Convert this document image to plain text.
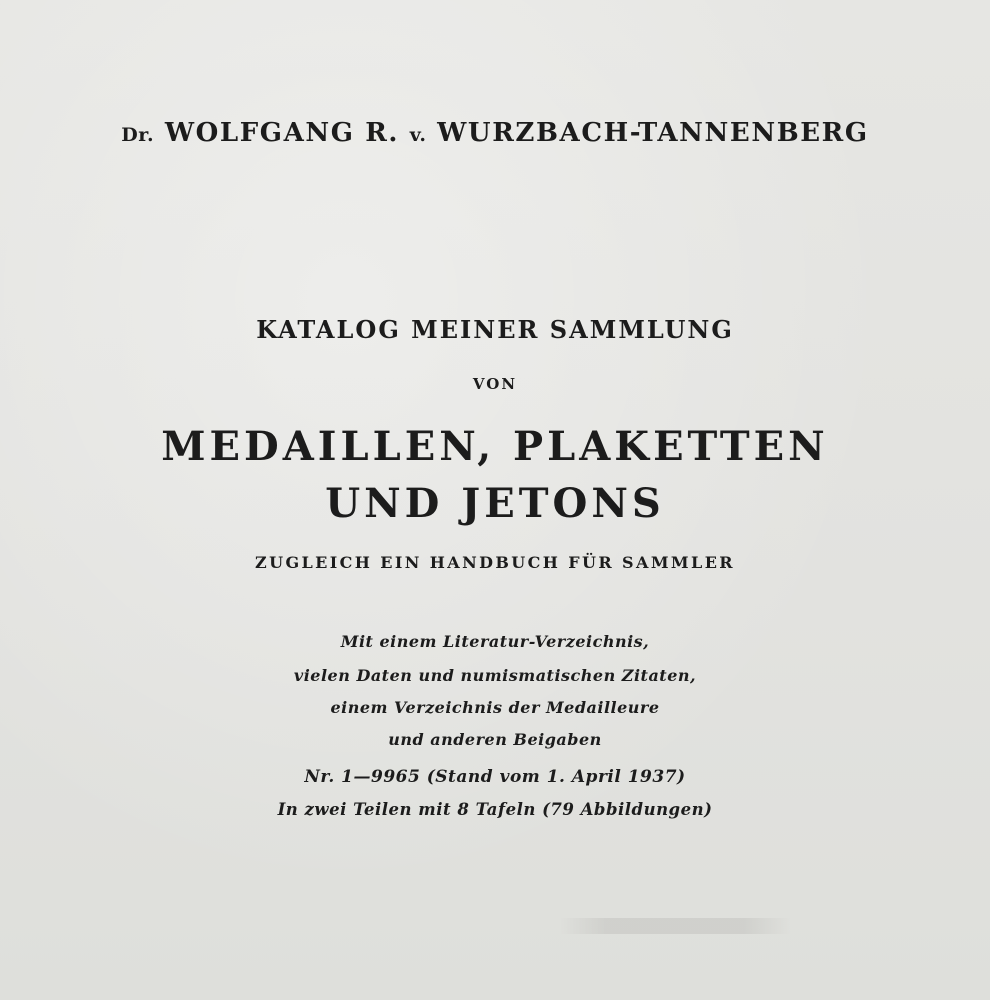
Dr. WOLFGANG R. v. WURZBACH-TANNENBERG
KATALOG MEINER SAMMLUNG
VON
MEDAILLEN, PLAKETTEN
UND JETONS
ZUGLEICH EIN HANDBUCH FÜR SAMMLER
Mit einem Literatur-Verzeichnis,
vielen Daten und numismatischen Zitaten,
einem Verzeichnis der Medailleure
und anderen Beigaben
Nr. 1—9965 (Stand vom 1. April 1937)
In zwei Teilen mit 8 Tafeln (79 Abbildungen)
